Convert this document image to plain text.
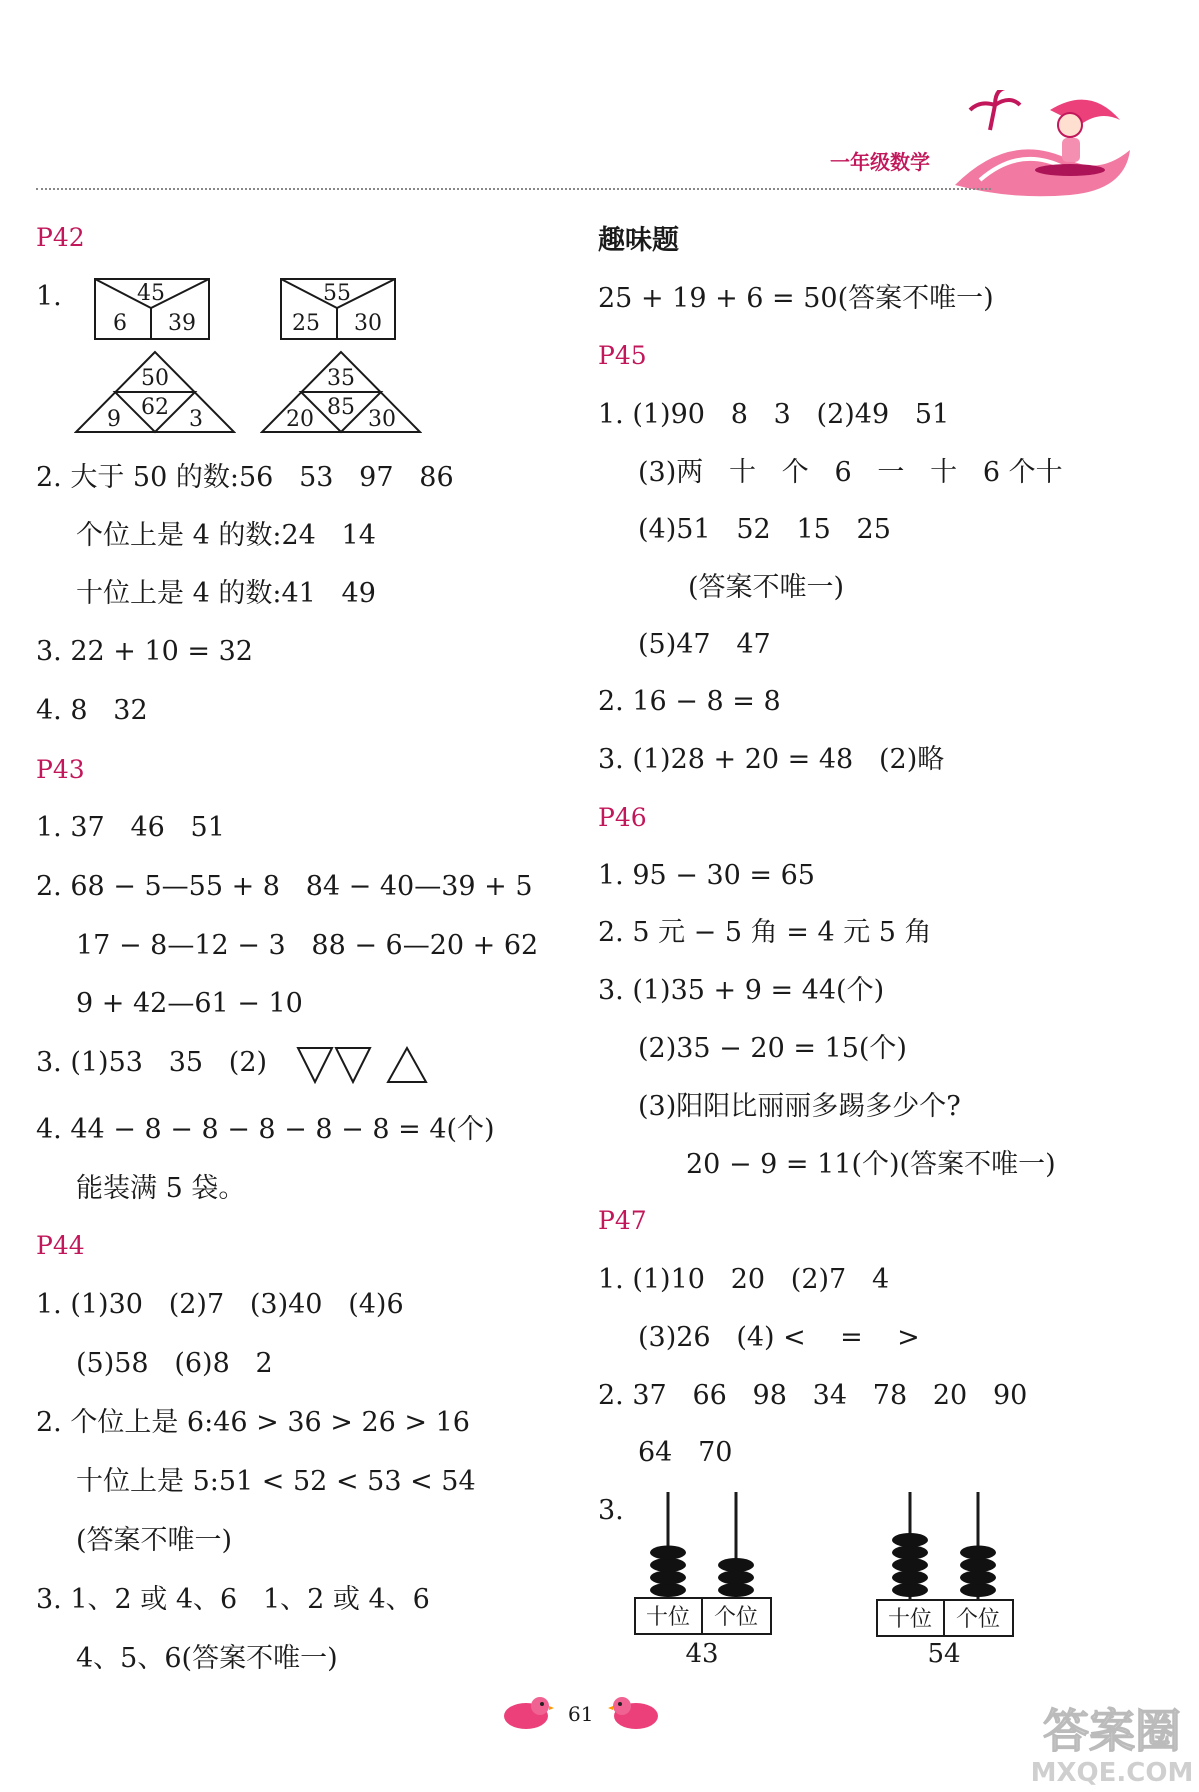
一年级数学
P42
1.	45
6 39
55
25 30
50
62
9	3
35
85
20 30
2. 大于 50 的数:56   53   97   86
个位上是 4 的数:24   14
十位上是 4 的数:41   49
3. 22 + 10 = 32
4. 8   32
P43
1. 37   46   51
2. 68 − 5—55 + 8   84 − 40—39 + 5
17 − 8—12 − 3   88 − 6—20 + 62
9 + 42—61 − 10
3. (1)53   35   (2)
4. 44 − 8 − 8 − 8 − 8 − 8 = 4(个)
能装满 5 袋。
P44
1. (1)30   (2)7   (3)40   (4)6
(5)58   (6)8   2
2. 个位上是 6:46 > 36 > 26 > 16
十位上是 5:51 < 52 < 53 < 54
(答案不唯一)
3. 1、2 或 4、6   1、2 或 4、6
4、5、6(答案不唯一)
趣味题
25 + 19 + 6 = 50(答案不唯一)
P45
1. (1)90   8   3   (2)49   51
(3)两   十   个   6   一   十   6 个十
(4)51   52   15   25
(答案不唯一)
(5)47   47
2. 16 − 8 = 8
3. (1)28 + 20 = 48   (2)略
P46
1. 95 − 30 = 65
2. 5 元 − 5 角 = 4 元 5 角
3. (1)35 + 9 = 44(个)
(2)35 − 20 = 15(个)
(3)阳阳比丽丽多踢多少个?
20 − 9 = 11(个)(答案不唯一)
P47
1. (1)10   20   (2)7   4
(3)26   (4) <    =    >
2. 37   66   98   34   78   20   90
64   70
3.
十位 个位
43
十位 个位
54
61	答案圈
MXQE.COM
